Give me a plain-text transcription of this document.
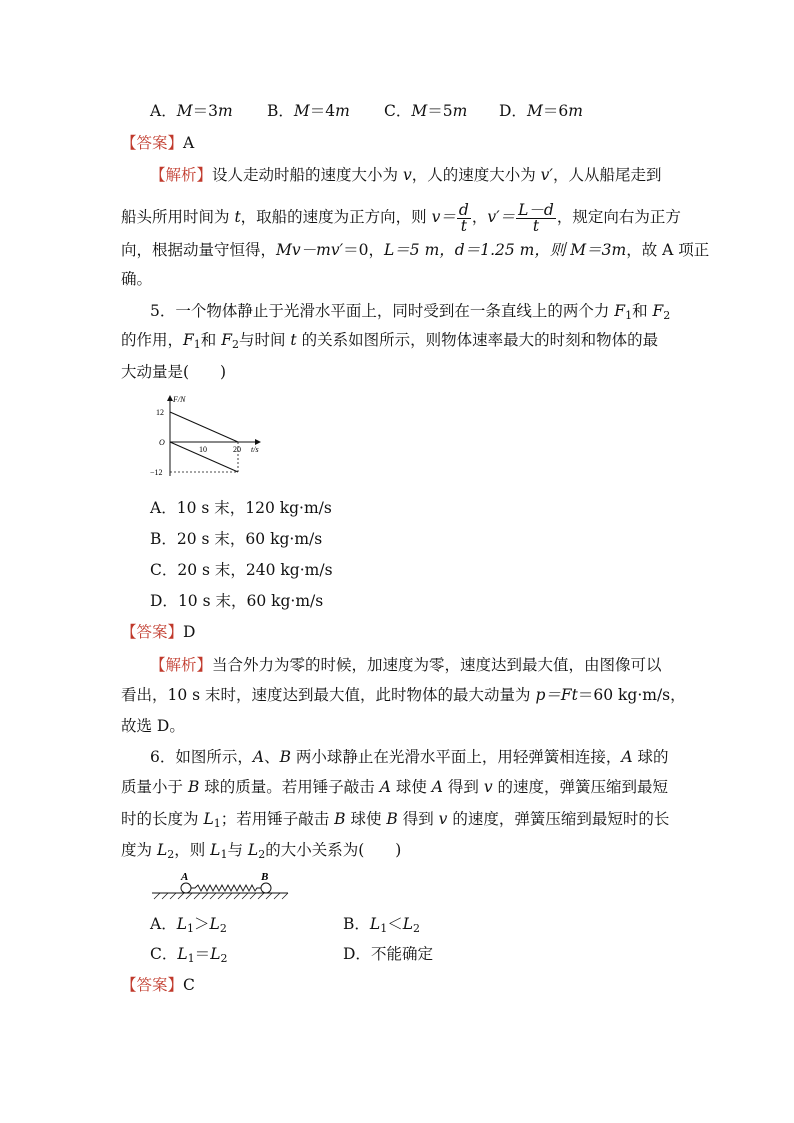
A．M＝3m B．M＝4m C．M＝5m D．M＝6m
【答案】A
【解析】设人走动时船的速度大小为 v，人的速度大小为 v′，人从船尾走到
船头所用时间为 t，取船的速度为正方向，则 $v= \frac{d}{t}$ ，$v'= \frac{L-d}{t}$ ，规定向右为正方
向，根据动量守恒得，Mv－mv′＝0，L＝5 m，d＝1.25 m，则 M＝3m，故 A 项正
确。
5．一个物体静止于光滑水平面上，同时受到在一条直线上的两个力 $F_1$和 $F_2$
的作用，$F_1$和 $F_2$与时间 t 的关系如图所示，则物体速率最大的时刻和物体的最
大动量是(　　)
F/N
12
O
−12
10	20 t/s
A．10 s 末，120 kg·m/s
B．20 s 末，60 kg·m/s
C．20 s 末，240 kg·m/s
D．10 s 末，60 kg·m/s
【答案】D
【解析】当合外力为零的时候，加速度为零，速度达到最大值，由图像可以
看出，10 s 末时，速度达到最大值，此时物体的最大动量为 p＝Ft＝60 kg·m/s，
故选 D。
6．如图所示，A、B 两小球静止在光滑水平面上，用轻弹簧相连接，A 球的
质量小于 B 球的质量。若用锤子敲击 A 球使 A 得到 v 的速度，弹簧压缩到最短
时的长度为 $L_1$；若用锤子敲击 B 球使 B 得到 v 的速度，弹簧压缩到最短时的长
度为 $L_2$，则 $L_1$与 $L_2$的大小关系为(　　)
A	B
A．$L_1>L_2$	B．$L_1<L_2$
C．$L_1=L_2$	D．不能确定
【答案】C
